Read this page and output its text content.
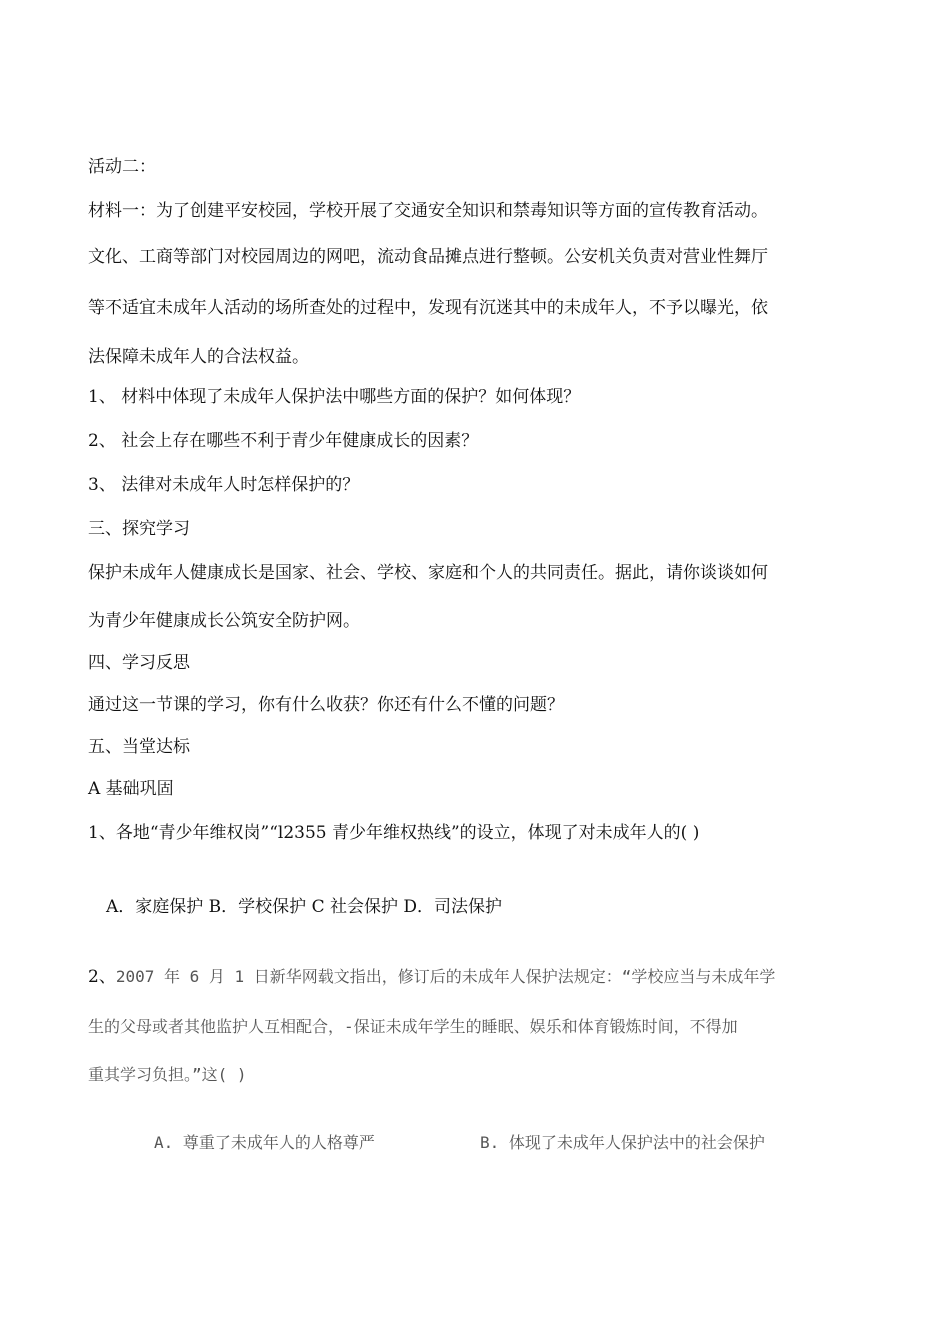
活动二：

材料一：为了创建平安校园，学校开展了交通安全知识和禁毒知识等方面的宣传教育活动。

文化、工商等部门对校园周边的网吧，流动食品摊点进行整顿。公安机关负责对营业性舞厅

等不适宜未成年人活动的场所查处的过程中，发现有沉迷其中的未成年人，不予以曝光，依

法保障未成年人的合法权益。

1、 材料中体现了未成年人保护法中哪些方面的保护？如何体现？

2、 社会上存在哪些不利于青少年健康成长的因素？

3、 法律对未成年人时怎样保护的？

三、探究学习

保护未成年人健康成长是国家、社会、学校、家庭和个人的共同责任。据此，请你谈谈如何

为青少年健康成长公筑安全防护网。

四、学习反思

通过这一节课的学习，你有什么收获？你还有什么不懂的问题？

五、当堂达标

A 基础巩固

1、各地“青少年维权岗”“l2355 青少年维权热线”的设立，体现了对未成年人的( )

A．家庭保护 B．学校保护 C 社会保护 D．司法保护

2、2007 年 6 月 1 日新华网载文指出，修订后的未成年人保护法规定：“学校应当与未成年学

生的父母或者其他监护人互相配合，-保证未成年学生的睡眠、娱乐和体育锻炼时间，不得加

重其学习负担。”这( )

A. 尊重了未成年人的人格尊严	B. 体现了未成年人保护法中的社会保护
